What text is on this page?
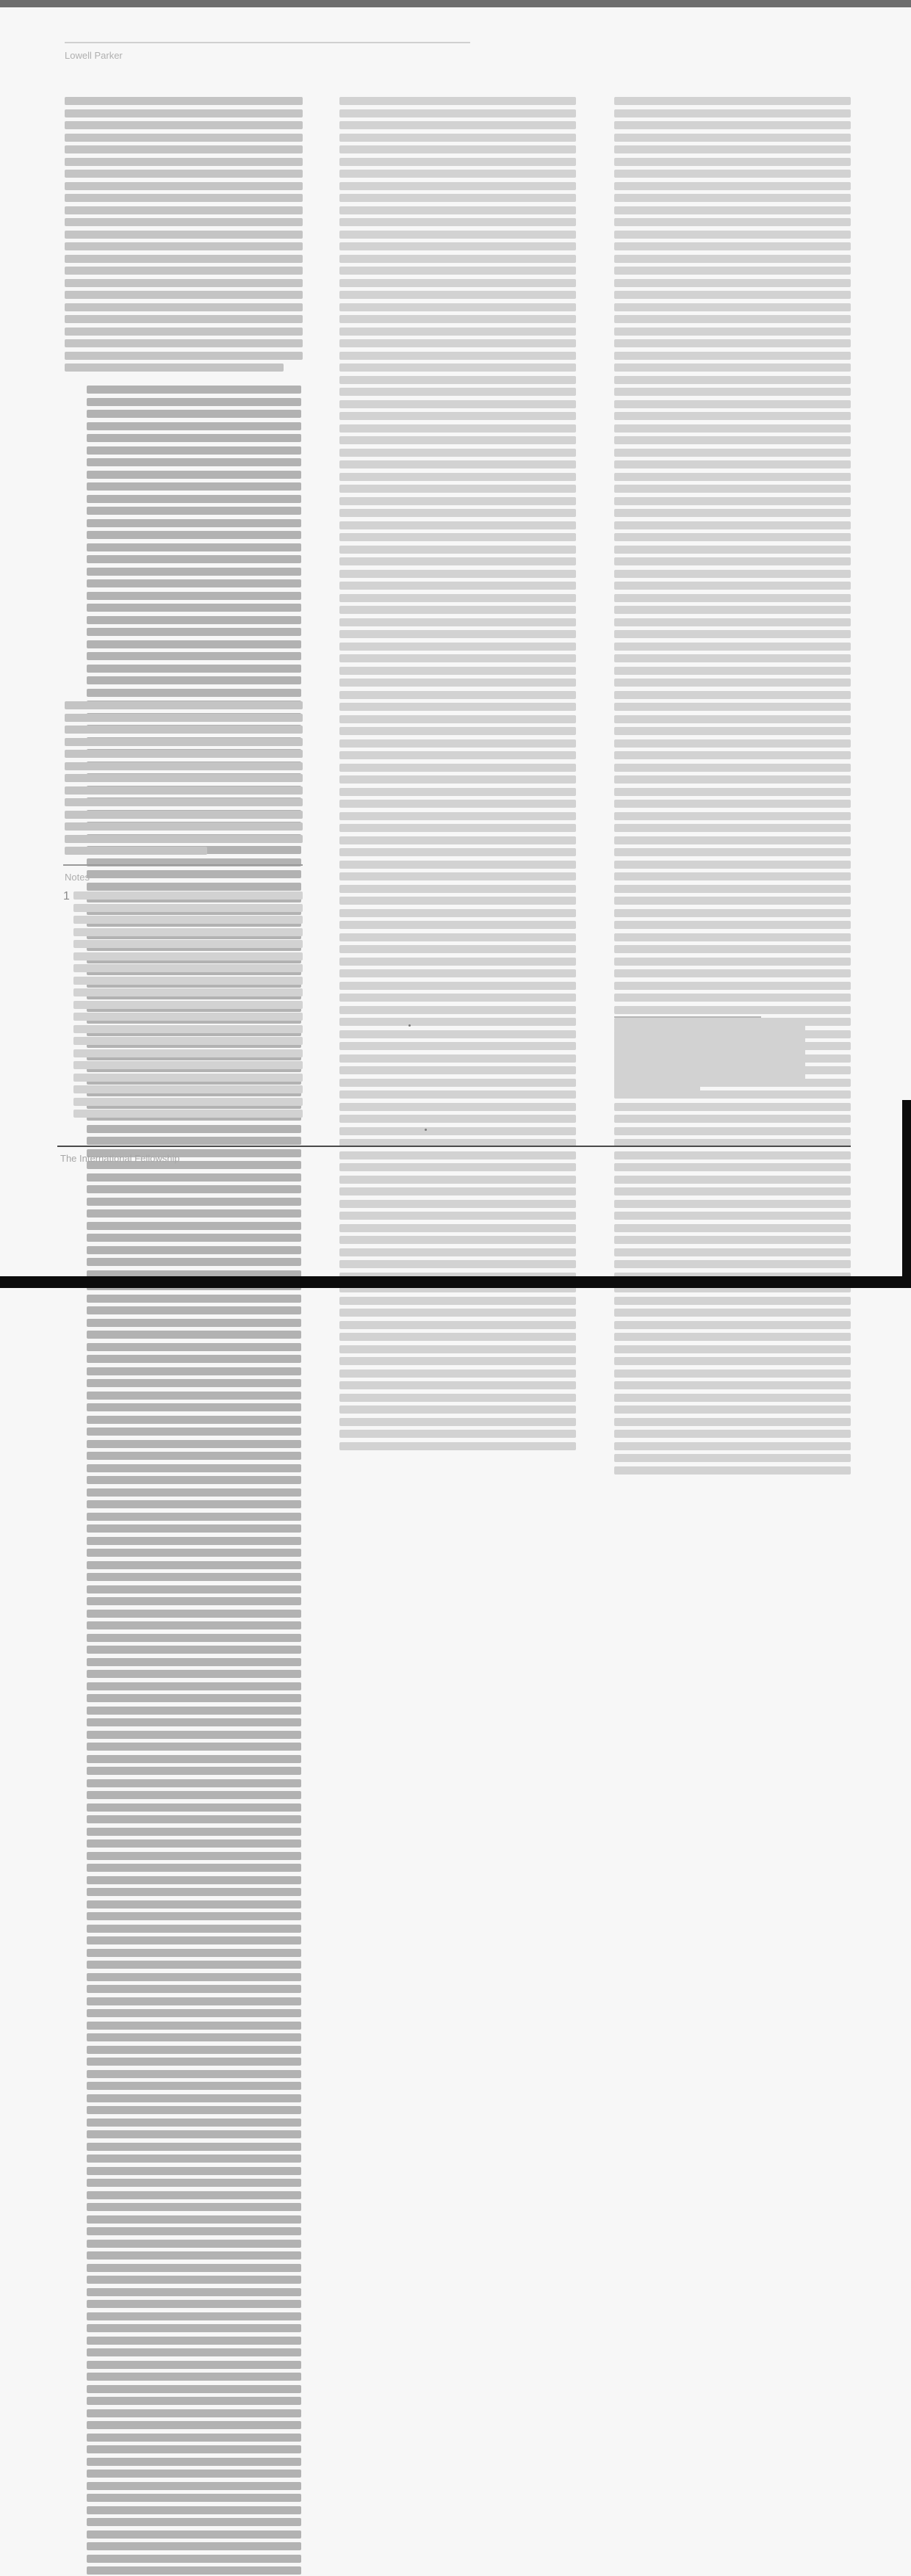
Lowell Parker
Notes
1
The International Fellowship
